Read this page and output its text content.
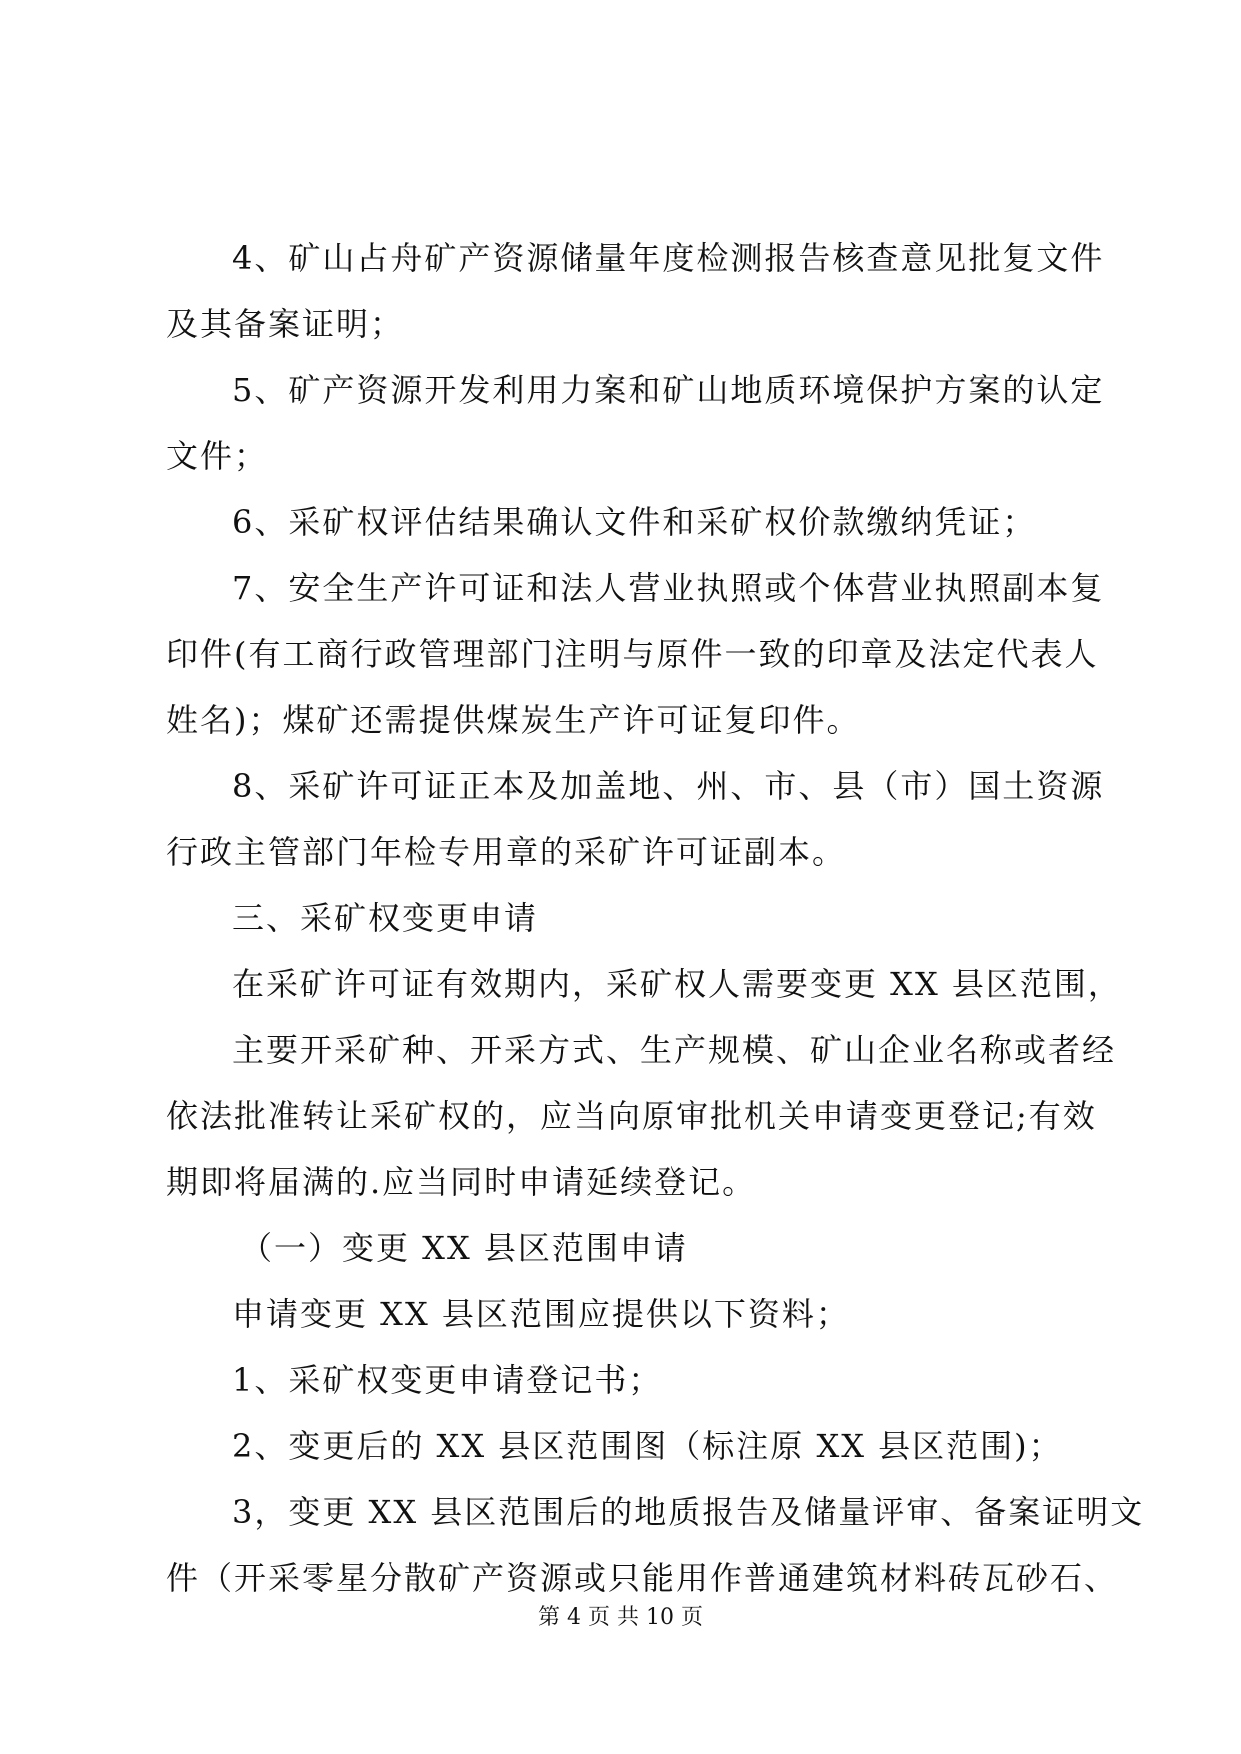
4、矿山占舟矿产资源储量年度检测报告核查意见批复文件
及其备案证明；
5、矿产资源开发利用力案和矿山地质环境保护方案的认定
文件；
6、采矿权评估结果确认文件和采矿权价款缴纳凭证；
7、安全生产许可证和法人营业执照或个体营业执照副本复
印件(有工商行政管理部门注明与原件一致的印章及法定代表人
姓名)；煤矿还需提供煤炭生产许可证复印件。
8、采矿许可证正本及加盖地、州、市、县（市）国土资源
行政主管部门年检专用章的采矿许可证副本。
三、采矿权变更申请
在采矿许可证有效期内，采矿权人需要变更 XX 县区范围，
主要开采矿种、开采方式、生产规模、矿山企业名称或者经
依法批准转让采矿权的，应当向原审批机关申请变更登记;有效
期即将届满的.应当同时申请延续登记。
（一）变更 XX 县区范围申请
申请变更 XX 县区范围应提供以下资料；
1、采矿权变更申请登记书；
2、变更后的 XX 县区范围图（标注原 XX 县区范围)；
3，变更 XX 县区范围后的地质报告及储量评审、备案证明文
件（开采零星分散矿产资源或只能用作普通建筑材料砖瓦砂石、
第 4 页 共 10 页
